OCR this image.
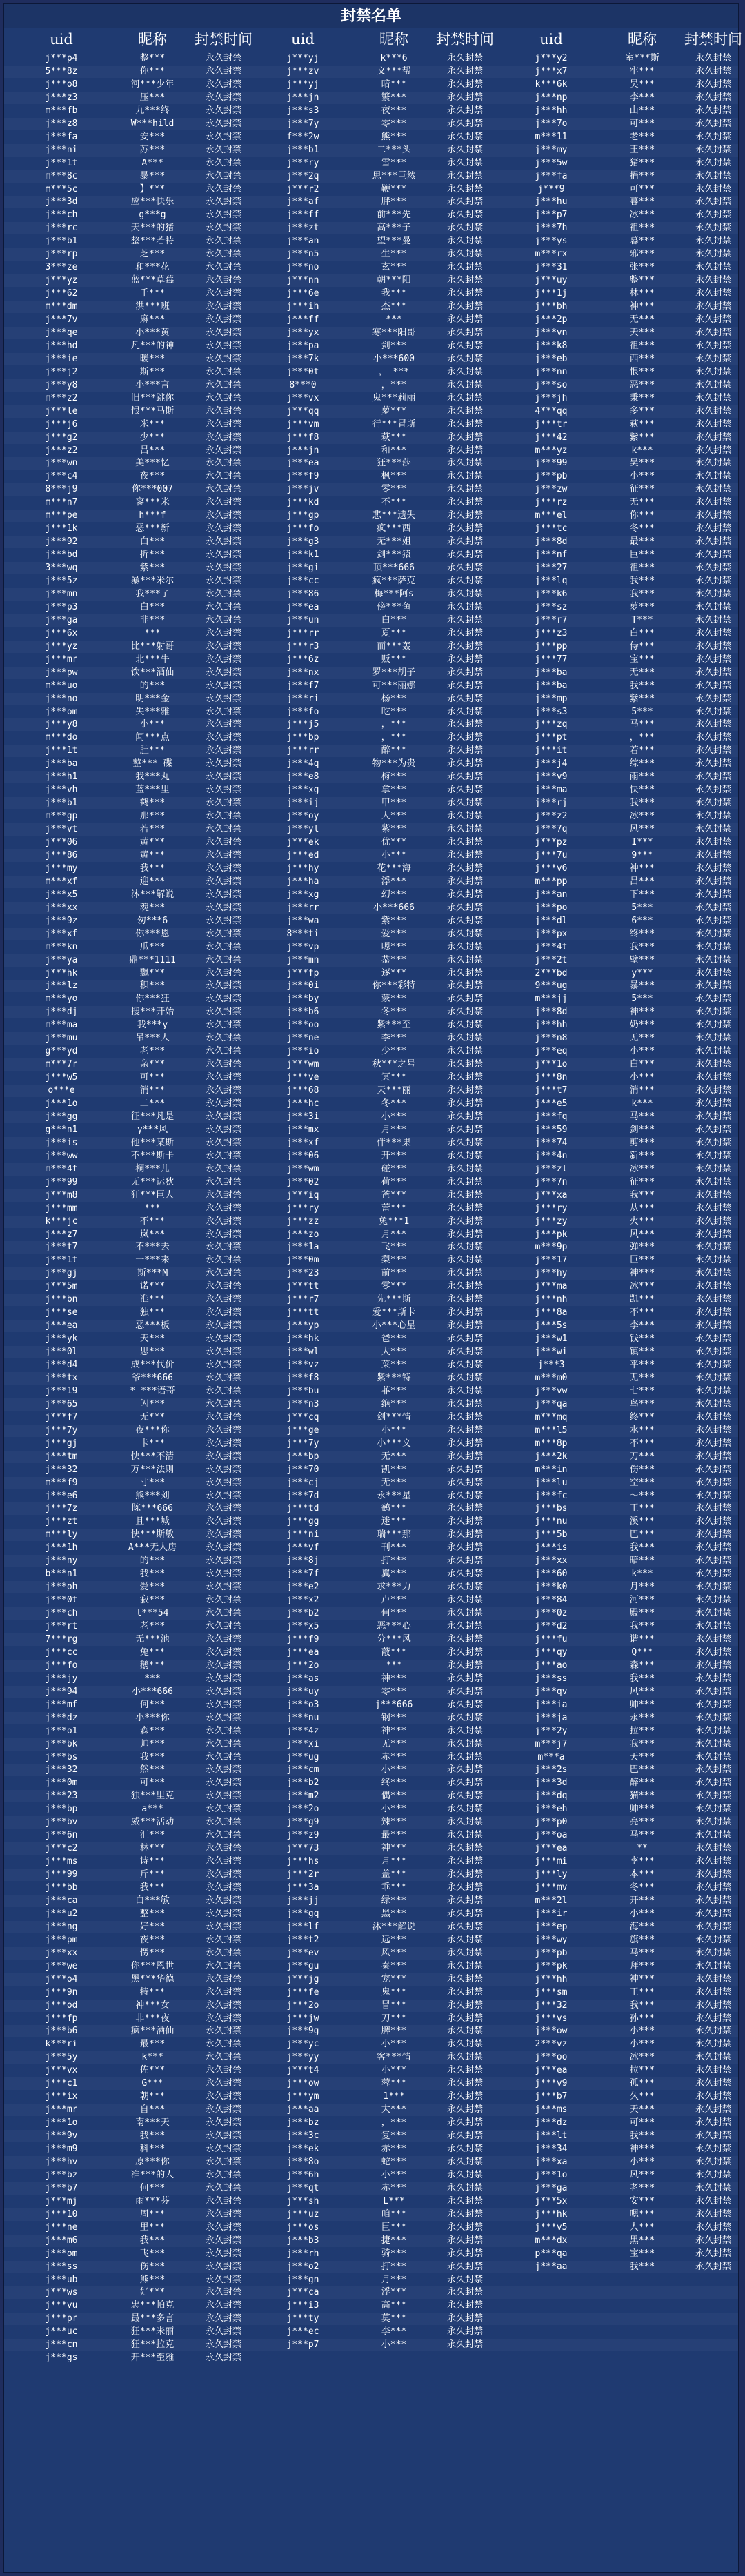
封禁名单
uid	昵称	封禁时间	uid	昵称	封禁时间	uid	昵称	封禁时间
j***p4	整***	永久封禁	j***yj	k***6	永久封禁	j***y2	室***斯	永久封禁
5***8z	你***	永久封禁	j***zv	文***帮	永久封禁	j***x7	牢***	永久封禁
j***o8	河***少年	永久封禁	j***yj	暗***	永久封禁	k***6k	吴***	永久封禁
j***z3	压***	永久封禁	j***jn	繁***	永久封禁	j***np	李***	永久封禁
m***fb	九***终	永久封禁	j***s3	夜***	永久封禁	j***hh	山***	永久封禁
j***z8	W***hild	永久封禁	j***7y	零***	永久封禁	j***7o	可***	永久封禁
j***fa	安***	永久封禁	f***2w	熊***	永久封禁	m***11	老***	永久封禁
j***ni	苏***	永久封禁	j***b1	二***头	永久封禁	j***my	王***	永久封禁
j***1t	A***	永久封禁	j***ry	雪***	永久封禁	j***5w	猪***	永久封禁
m***8c	暴***	永久封禁	j***2q	思***巨然	永久封禁	j***fa	捐***	永久封禁
m***5c	】***	永久封禁	j***r2	鞭***	永久封禁	j***9	可***	永久封禁
j***3d	应***快乐	永久封禁	j***af	胖***	永久封禁	j***hu	暮***	永久封禁
j***ch	g***g	永久封禁	j***ff	前***先	永久封禁	j***p7	冰***	永久封禁
j***rc	天***的猪	永久封禁	j***zt	高***子	永久封禁	j***7h	祖***	永久封禁
j***b1	整***若特	永久封禁	j***an	望***曼	永久封禁	j***ys	暮***	永久封禁
j***rp	芝***	永久封禁	j***n5	生***	永久封禁	m***rx	邪***	永久封禁
3***ze	和***花	永久封禁	j***no	玄***	永久封禁	j***31	张***	永久封禁
j***yz	蓝***草莓	永久封禁	j***nn	朝***阳	永久封禁	j***uy	整***	永久封禁
j***62	千***	永久封禁	j***6e	我***	永久封禁	j***1j	林***	永久封禁
m***dm	洪***班	永久封禁	j***ih	杰***	永久封禁	j***bh	神***	永久封禁
j***7v	麻***	永久封禁	j***ff	***	永久封禁	j***2p	无***	永久封禁
j***qe	小***黄	永久封禁	j***yx	寒***阳哥	永久封禁	j***vn	天***	永久封禁
j***hd	凡***的神	永久封禁	j***pa	剑***	永久封禁	j***k8	祖***	永久封禁
j***ie	暖***	永久封禁	j***7k	小***600	永久封禁	j***eb	西***	永久封禁
j***j2	斯***	永久封禁	j***0t	， ***	永久封禁	j***nn	恨***	永久封禁
j***y8	小***言	永久封禁	8***0	，***	永久封禁	j***so	恶***	永久封禁
m***z2	旧***跳你	永久封禁	j***vx	鬼***莉丽	永久封禁	j***jh	秉***	永久封禁
j***le	恨***马斯	永久封禁	j***qq	萝***	永久封禁	4***qq	多***	永久封禁
j***j6	米***	永久封禁	j***vm	行***冒斯	永久封禁	j***tr	萩***	永久封禁
j***g2	少***	永久封禁	j***f8	萩***	永久封禁	j***42	紫***	永久封禁
j***z2	吕***	永久封禁	j***jn	和***	永久封禁	m***yz	k***	永久封禁
j***wn	美***忆	永久封禁	j***ea	狂***莎	永久封禁	j***99	吴***	永久封禁
j***c4	夜***	永久封禁	j***f9	枫***	永久封禁	j***pb	小***	永久封禁
8***j9	你***007	永久封禁	j***jv	零***	永久封禁	j***zw	征***	永久封禁
m***n7	寥***米	永久封禁	j***kd	不***	永久封禁	j***rz	无***	永久封禁
m***pe	h***f	永久封禁	j***gp	悲***遗失	永久封禁	m***el	你***	永久封禁
j***1k	恶***新	永久封禁	j***fo	疯***西	永久封禁	j***tc	冬***	永久封禁
j***92	白***	永久封禁	j***g3	无***姐	永久封禁	j***8d	最***	永久封禁
j***bd	折***	永久封禁	j***k1	剑***猿	永久封禁	j***nf	巨***	永久封禁
3***wq	紫***	永久封禁	j***gi	顶***666	永久封禁	j***27	祖***	永久封禁
j***5z	暴***米尔	永久封禁	j***cc	疯***萨克	永久封禁	j***lq	我***	永久封禁
j***mn	我***了	永久封禁	j***86	梅***阿s	永久封禁	j***k6	我***	永久封禁
j***p3	白***	永久封禁	j***ea	傍***鱼	永久封禁	j***sz	萝***	永久封禁
j***ga	非***	永久封禁	j***un	白***	永久封禁	j***r7	T***	永久封禁
j***6x	***	永久封禁	j***rr	夏***	永久封禁	j***z3	白***	永久封禁
j***yz	比***射哥	永久封禁	j***r3	而***轰	永久封禁	j***pp	侍***	永久封禁
j***mr	北***牛	永久封禁	j***6z	贩***	永久封禁	j***77	宝***	永久封禁
j***pw	饮***酒仙	永久封禁	j***nx	罗***胡子	永久封禁	j***ba	无***	永久封禁
m***uo	的***	永久封禁	j***f7	可***丽娜	永久封禁	j***ba	我***	永久封禁
j***no	明***金	永久封禁	j***ri	杨***	永久封禁	j***mp	紫***	永久封禁
j***om	失***雅	永久封禁	j***fo	吃***	永久封禁	j***s3	5***	永久封禁
j***y8	小***	永久封禁	j***j5	，***	永久封禁	j***zq	马***	永久封禁
m***do	闻***点	永久封禁	j***bp	，***	永久封禁	j***pt	，***	永久封禁
j***1t	肚***	永久封禁	j***rr	醉***	永久封禁	j***it	若***	永久封禁
j***ba	整*** 碟	永久封禁	j***4q	物***为贵	永久封禁	j***j4	综***	永久封禁
j***h1	我***丸	永久封禁	j***e8	梅***	永久封禁	j***v9	雨***	永久封禁
j***vh	蓝***里	永久封禁	j***xg	拿***	永久封禁	j***ma	快***	永久封禁
j***b1	鹤***	永久封禁	j***ij	甲***	永久封禁	j***rj	我***	永久封禁
m***gp	那***	永久封禁	j***oy	人***	永久封禁	j***z2	冰***	永久封禁
j***vt	若***	永久封禁	j***yl	紫***	永久封禁	j***7q	风***	永久封禁
j***06	黄***	永久封禁	j***ek	优***	永久封禁	j***pz	I***	永久封禁
j***86	黄***	永久封禁	j***ed	小***	永久封禁	j***7u	9***	永久封禁
j***my	我***	永久封禁	j***hy	花***海	永久封禁	j***v6	神***	永久封禁
m***xf	迎***	永久封禁	j***ha	浮***	永久封禁	m***pp	吕***	永久封禁
j***x5	沐***解说	永久封禁	j***xg	幻***	永久封禁	j***an	下***	永久封禁
j***xx	魂***	永久封禁	j***rr	小***666	永久封禁	j***po	5***	永久封禁
j***9z	匆***6	永久封禁	j***wa	紫***	永久封禁	j***dl	6***	永久封禁
j***xf	你***恩	永久封禁	8***ti	爱***	永久封禁	j***px	终***	永久封禁
m***kn	瓜***	永久封禁	j***vp	嗯***	永久封禁	j***4t	我***	永久封禁
j***ya	鼎***1111	永久封禁	j***mn	恭***	永久封禁	j***2t	壁***	永久封禁
j***hk	飘***	永久封禁	j***fp	逐***	永久封禁	2***bd	y***	永久封禁
j***lz	积***	永久封禁	j***0i	你***彩特	永久封禁	9***ug	暴***	永久封禁
m***yo	你***狂	永久封禁	j***by	蒙***	永久封禁	m***jj	5***	永久封禁
j***dj	搜***开始	永久封禁	j***b6	冬***	永久封禁	j***8d	神***	永久封禁
m***ma	我***y	永久封禁	j***oo	紫***至	永久封禁	j***hh	奶***	永久封禁
j***mu	吊***人	永久封禁	j***ne	李***	永久封禁	j***n8	无***	永久封禁
g***yd	老***	永久封禁	j***io	少***	永久封禁	j***eq	小***	永久封禁
m***7r	亲***	永久封禁	j***wm	秋***之号	永久封禁	j***1o	白***	永久封禁
j***w5	可***	永久封禁	j***ve	冥***	永久封禁	j***8n	小***	永久封禁
o***e	消***	永久封禁	j***68	天***丽	永久封禁	j***t7	消***	永久封禁
j***1o	二***	永久封禁	j***hc	冬***	永久封禁	j***e5	k***	永久封禁
j***gg	征***凡是	永久封禁	j***3i	小***	永久封禁	j***fq	马***	永久封禁
g***n1	y***风	永久封禁	j***mx	月***	永久封禁	j***59	剑***	永久封禁
j***is	他***某斯	永久封禁	j***xf	伴***果	永久封禁	j***74	剪***	永久封禁
j***ww	不***斯卡	永久封禁	j***06	开***	永久封禁	j***4n	新***	永久封禁
m***4f	桐***儿	永久封禁	j***wm	碰***	永久封禁	j***zl	冰***	永久封禁
j***99	无***运狄	永久封禁	j***02	荷***	永久封禁	j***7n	征***	永久封禁
j***m8	狂***巨人	永久封禁	j***iq	爸***	永久封禁	j***xa	我***	永久封禁
j***mm	***	永久封禁	j***ry	蕾***	永久封禁	j***ry	从***	永久封禁
k***jc	不***	永久封禁	j***zz	兔***1	永久封禁	j***zy	火***	永久封禁
j***z7	岚***	永久封禁	j***zo	月***	永久封禁	j***pk	风***	永久封禁
j***t7	不***去	永久封禁	j***1a	飞***	永久封禁	m***9p	弹***	永久封禁
j***1t	一***来	永久封禁	j***0m	梨***	永久封禁	j***17	巨***	永久封禁
j***gj	斯***M	永久封禁	j***23	前***	永久封禁	j***hy	神***	永久封禁
j***5m	诺***	永久封禁	j***tt	零***	永久封禁	j***ma	冰***	永久封禁
j***bn	准***	永久封禁	j***r7	先***斯	永久封禁	j***nh	凯***	永久封禁
j***se	独***	永久封禁	j***tt	爱***斯卡	永久封禁	j***8a	不***	永久封禁
j***ea	恶***板	永久封禁	j***yp	小***心星	永久封禁	j***5s	李***	永久封禁
j***yk	天***	永久封禁	j***hk	爸***	永久封禁	j***w1	钱***	永久封禁
j***0l	思***	永久封禁	j***wl	大***	永久封禁	j***wi	镇***	永久封禁
j***d4	成***代价	永久封禁	j***vz	菜***	永久封禁	j***3	平***	永久封禁
j***tx	爷***666	永久封禁	j***f8	紫***特	永久封禁	m***m0	无***	永久封禁
j***19	* ***语哥	永久封禁	j***bu	菲***	永久封禁	j***vw	七***	永久封禁
j***65	闪***	永久封禁	j***n3	绝***	永久封禁	j***qa	鸟***	永久封禁
j***f7	无***	永久封禁	j***cq	剑***情	永久封禁	m***mq	终***	永久封禁
j***7y	夜***你	永久封禁	j***ge	小***	永久封禁	m***l5	水***	永久封禁
j***gj	卡***	永久封禁	j***7y	小***文	永久封禁	m***8p	不***	永久封禁
j***tm	快***不清	永久封禁	j***bp	无***	永久封禁	j***2k	刀***	永久封禁
j***32	万***法则	永久封禁	j***70	凯***	永久封禁	m***in	伤***	永久封禁
m***f9	寸***	永久封禁	j***cj	无***	永久封禁	j***lu	空***	永久封禁
j***e6	熊***刘	永久封禁	j***7d	永***星	永久封禁	j***fc	～***	永久封禁
j***7z	陈***666	永久封禁	j***td	鹤***	永久封禁	j***bs	王***	永久封禁
j***zt	且***城	永久封禁	j***gg	迷***	永久封禁	j***nu	溪***	永久封禁
m***ly	快***斯敏	永久封禁	j***ni	瑞***那	永久封禁	j***5b	巴***	永久封禁
j***1h	A***无人房	永久封禁	j***vf	刊***	永久封禁	j***is	我***	永久封禁
j***ny	的***	永久封禁	j***8j	打***	永久封禁	j***xx	暗***	永久封禁
b***n1	我***	永久封禁	j***7f	翼***	永久封禁	j***60	k***	永久封禁
j***oh	爱***	永久封禁	j***e2	求***力	永久封禁	j***k0	月***	永久封禁
j***0t	寂***	永久封禁	j***x2	卢***	永久封禁	j***84	河***	永久封禁
j***ch	l***54	永久封禁	j***b2	何***	永久封禁	j***0z	殿***	永久封禁
j***rt	老***	永久封禁	j***x5	恶***心	永久封禁	j***d2	我***	永久封禁
7***rg	无***池	永久封禁	j***f9	分***风	永久封禁	j***fu	谐***	永久封禁
j***cc	兔***	永久封禁	j***ea	蔽***	永久封禁	j***qy	Q***	永久封禁
j***fo	鹅***	永久封禁	j***2o	***	永久封禁	j***ao	森***	永久封禁
j***jy	***	永久封禁	j***as	神***	永久封禁	j***ss	我***	永久封禁
j***94	小***666	永久封禁	j***uy	零***	永久封禁	j***qv	风***	永久封禁
j***mf	何***	永久封禁	j***o3	j***666	永久封禁	j***ia	帅***	永久封禁
j***dz	小***你	永久封禁	j***nu	钢***	永久封禁	j***ja	永***	永久封禁
j***o1	森***	永久封禁	j***4z	神***	永久封禁	j***2y	拉***	永久封禁
j***bk	帅***	永久封禁	j***xi	无***	永久封禁	m***j7	我***	永久封禁
j***bs	我***	永久封禁	j***ug	赤***	永久封禁	m***a	天***	永久封禁
j***32	然***	永久封禁	j***cm	小***	永久封禁	j***2s	巴***	永久封禁
j***0m	可***	永久封禁	j***b2	终***	永久封禁	j***3d	醉***	永久封禁
j***23	独***里克	永久封禁	j***m2	偶***	永久封禁	j***dq	猫***	永久封禁
j***bp	a***	永久封禁	j***2o	小***	永久封禁	j***eh	帅***	永久封禁
j***bv	威***活动	永久封禁	j***g9	辣***	永久封禁	j***p0	亮***	永久封禁
j***6n	汇***	永久封禁	j***z9	最***	永久封禁	j***oa	马***	永久封禁
j***c2	林***	永久封禁	j***73	神***	永久封禁	j***ea	**	永久封禁
j***ms	诗***	永久封禁	j***hs	月***	永久封禁	j***mi	李***	永久封禁
j***99	斤***	永久封禁	j***2r	盖***	永久封禁	j***ly	本***	永久封禁
j***bb	我***	永久封禁	j***3a	乖***	永久封禁	j***mv	冬***	永久封禁
j***ca	白***敏	永久封禁	j***jj	绿***	永久封禁	m***2l	开***	永久封禁
j***u2	整***	永久封禁	j***gq	黑***	永久封禁	j***ir	小***	永久封禁
j***ng	好***	永久封禁	j***lf	沐***解说	永久封禁	j***ep	海***	永久封禁
j***pm	夜***	永久封禁	j***t2	远***	永久封禁	j***wy	旗***	永久封禁
j***xx	愣***	永久封禁	j***ev	风***	永久封禁	j***pb	马***	永久封禁
j***we	你***恩世	永久封禁	j***gu	秦***	永久封禁	j***pk	拜***	永久封禁
j***o4	黑***华德	永久封禁	j***jg	宠***	永久封禁	j***hh	神***	永久封禁
j***9n	特***	永久封禁	j***fe	鬼***	永久封禁	j***sm	王***	永久封禁
j***od	神***女	永久封禁	j***2o	冒***	永久封禁	j***32	我***	永久封禁
j***fp	非***夜	永久封禁	j***jw	刀***	永久封禁	j***vs	孙***	永久封禁
j***b6	疯***酒仙	永久封禁	j***9g	脾***	永久封禁	j***ow	小***	永久封禁
k***ri	最***	永久封禁	j***yc	小***	永久封禁	2***vz	小***	永久封禁
j***5y	k***	永久封禁	j***yy	客***情	永久封禁	j***oo	冰***	永久封禁
j***vx	佐***	永久封禁	j***t4	小***	永久封禁	j***ea	拉***	永久封禁
j***c1	G***	永久封禁	j***ow	蓉***	永久封禁	j***v9	孤***	永久封禁
j***ix	朝***	永久封禁	j***ym	1***	永久封禁	j***b7	久***	永久封禁
j***mr	自***	永久封禁	j***aa	大***	永久封禁	j***ms	天***	永久封禁
j***1o	南***天	永久封禁	j***bz	，***	永久封禁	j***dz	可***	永久封禁
j***9v	我***	永久封禁	j***3c	复***	永久封禁	j***lt	我***	永久封禁
j***m9	科***	永久封禁	j***ek	赤***	永久封禁	j***34	神***	永久封禁
j***hv	原***你	永久封禁	j***8o	蛇***	永久封禁	j***xa	小***	永久封禁
j***bz	准***的人	永久封禁	j***6h	小***	永久封禁	j***1o	风***	永久封禁
j***b7	何***	永久封禁	j***qt	赤***	永久封禁	j***ga	老***	永久封禁
j***mj	雨***芬	永久封禁	j***sh	L***	永久封禁	j***5x	安***	永久封禁
j***10	周***	永久封禁	j***uz	咱***	永久封禁	j***hk	嗯***	永久封禁
j***ne	里***	永久封禁	j***os	巨***	永久封禁	j***v5	人***	永久封禁
j***m6	我***	永久封禁	j***b3	捷***	永久封禁	m***dx	黑***	永久封禁
j***om	飞***	永久封禁	j***rh	骑***	永久封禁	p***qa	宝***	永久封禁
j***ss	伤***	永久封禁	j***o2	打***	永久封禁	j***aa	我***	永久封禁
j***ub	熊***	永久封禁	j***gn	月***	永久封禁
j***ws	好***	永久封禁	j***ca	浮***	永久封禁
j***vu	忠***帕克	永久封禁	j***i3	高***	永久封禁
j***pr	最***多言	永久封禁	j***ty	莫***	永久封禁
j***uc	狂***米丽	永久封禁	j***ec	李***	永久封禁
j***cn	狂***拉克	永久封禁	j***p7	小***	永久封禁
j***gs	开***至雅	永久封禁
